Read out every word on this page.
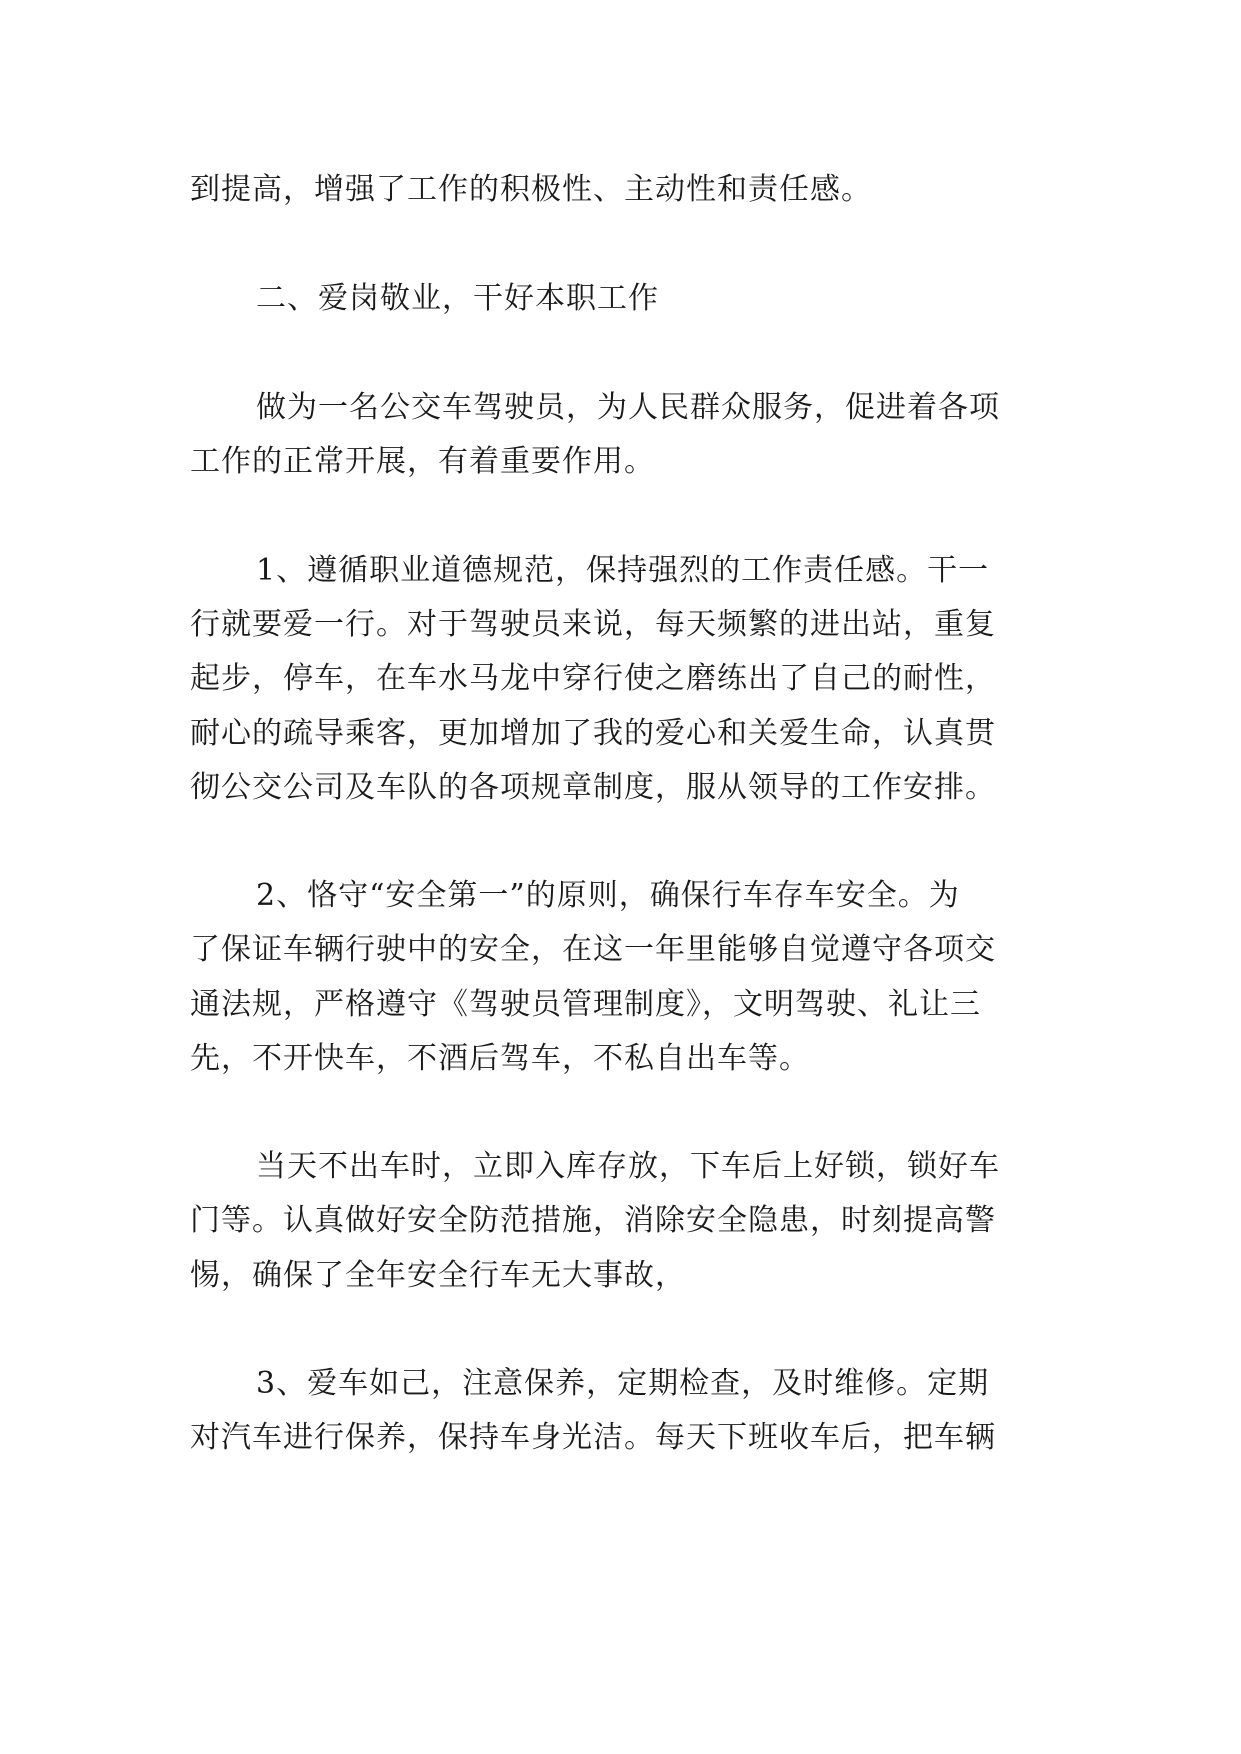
到提高，增强了工作的积极性、主动性和责任感。

二、爱岗敬业，干好本职工作

做为一名公交车驾驶员，为人民群众服务，促进着各项

工作的正常开展，有着重要作用。

1、遵循职业道德规范，保持强烈的工作责任感。干一

行就要爱一行。对于驾驶员来说，每天频繁的进出站，重复

起步，停车，在车水马龙中穿行使之磨练出了自己的耐性，

耐心的疏导乘客，更加增加了我的爱心和关爱生命，认真贯

彻公交公司及车队的各项规章制度，服从领导的工作安排。

2、恪守“安全第一”的原则，确保行车存车安全。为

了保证车辆行驶中的安全，在这一年里能够自觉遵守各项交

通法规，严格遵守《驾驶员管理制度》，文明驾驶、礼让三

先，不开快车，不酒后驾车，不私自出车等。

当天不出车时，立即入库存放，下车后上好锁，锁好车

门等。认真做好安全防范措施，消除安全隐患，时刻提高警

惕，确保了全年安全行车无大事故，

3、爱车如己，注意保养，定期检查，及时维修。定期

对汽车进行保养，保持车身光洁。每天下班收车后，把车辆
